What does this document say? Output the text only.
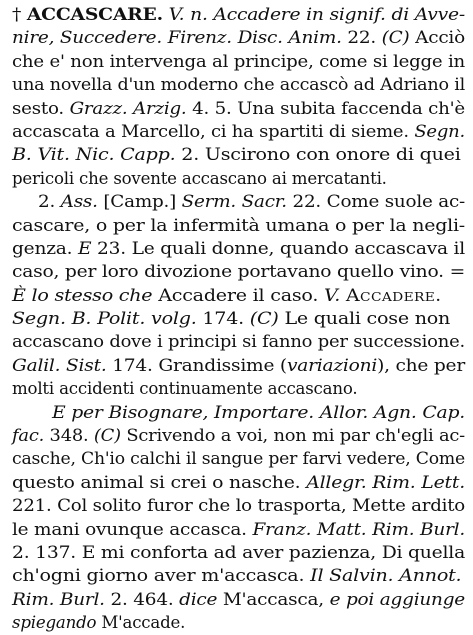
† ACCASCARE. V. n. Accadere in signif. di Avve-
nire, Succedere. Firenz. Disc. Anim. 22. (C) Acciò
che e' non intervenga al principe, come si legge in
una novella d'un moderno che accascò ad Adriano il
sesto. Grazz. Arzig. 4. 5. Una subita faccenda ch'è
accascata a Marcello, ci ha spartiti di sieme. Segn.
B. Vit. Nic. Capp. 2. Uscirono con onore di quei
pericoli che sovente accascano ai mercatanti.
2. Ass. [Camp.] Serm. Sacr. 22. Come suole ac-
cascare, o per la infermità umana o per la negli-
genza. E 23. Le quali donne, quando accascava il
caso, per loro divozione portavano quello vino. =
È lo stesso che Accadere il caso. V. Accadere.
Segn. B. Polit. volg. 174. (C) Le quali cose non
accascano dove i principi si fanno per successione.
Galil. Sist. 174. Grandissime (variazioni), che per
molti accidenti continuamente accascano.
E per Bisognare, Importare. Allor. Agn. Cap.
fac. 348. (C) Scrivendo a voi, non mi par ch'egli ac-
casche, Ch'io calchi il sangue per farvi vedere, Come
questo animal si crei o nasche. Allegr. Rim. Lett.
221. Col solito furor che lo trasporta, Mette ardito
le mani ovunque accasca. Franz. Matt. Rim. Burl.
2. 137. E mi conforta ad aver pazienza, Di quella
ch'ogni giorno aver m'accasca. Il Salvin. Annot.
Rim. Burl. 2. 464. dice M'accasca, e poi aggiunge
spiegando M'accade.
